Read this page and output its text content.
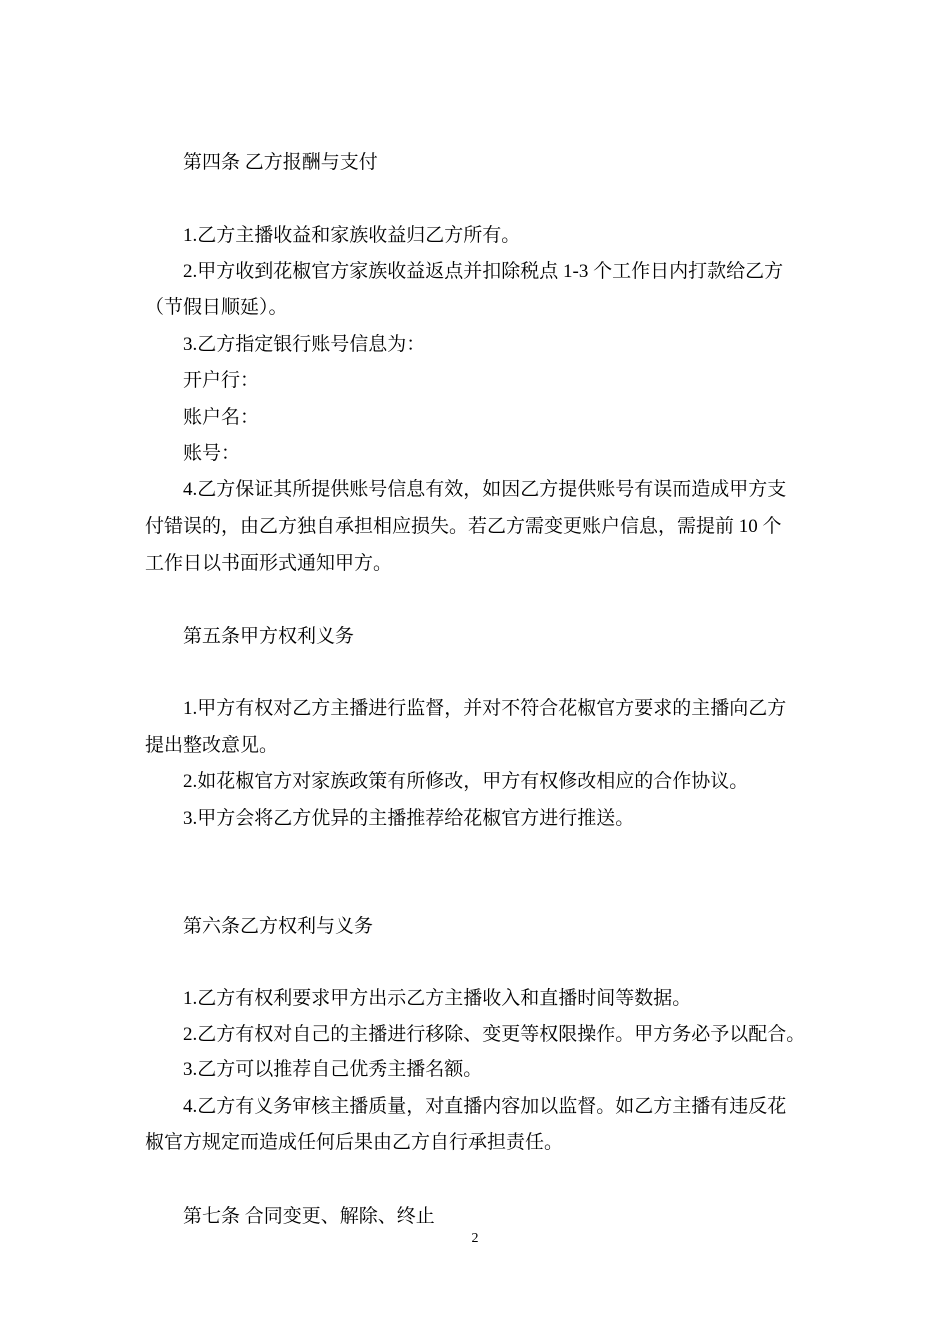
第四条 乙方报酬与支付
1.乙方主播收益和家族收益归乙方所有。
2.甲方收到花椒官方家族收益返点并扣除税点 1-3 个工作日内打款给乙方
（节假日顺延）。
3.乙方指定银行账号信息为：
开户行：
账户名：
账号：
4.乙方保证其所提供账号信息有效，如因乙方提供账号有误而造成甲方支
付错误的，由乙方独自承担相应损失。若乙方需变更账户信息，需提前 10 个
工作日以书面形式通知甲方。
第五条甲方权利义务
1.甲方有权对乙方主播进行监督，并对不符合花椒官方要求的主播向乙方
提出整改意见。
2.如花椒官方对家族政策有所修改，甲方有权修改相应的合作协议。
3.甲方会将乙方优异的主播推荐给花椒官方进行推送。
第六条乙方权利与义务
1.乙方有权利要求甲方出示乙方主播收入和直播时间等数据。
2.乙方有权对自己的主播进行移除、变更等权限操作。甲方务必予以配合。
3.乙方可以推荐自己优秀主播名额。
4.乙方有义务审核主播质量，对直播内容加以监督。如乙方主播有违反花
椒官方规定而造成任何后果由乙方自行承担责任。
第七条 合同变更、解除、终止
2
